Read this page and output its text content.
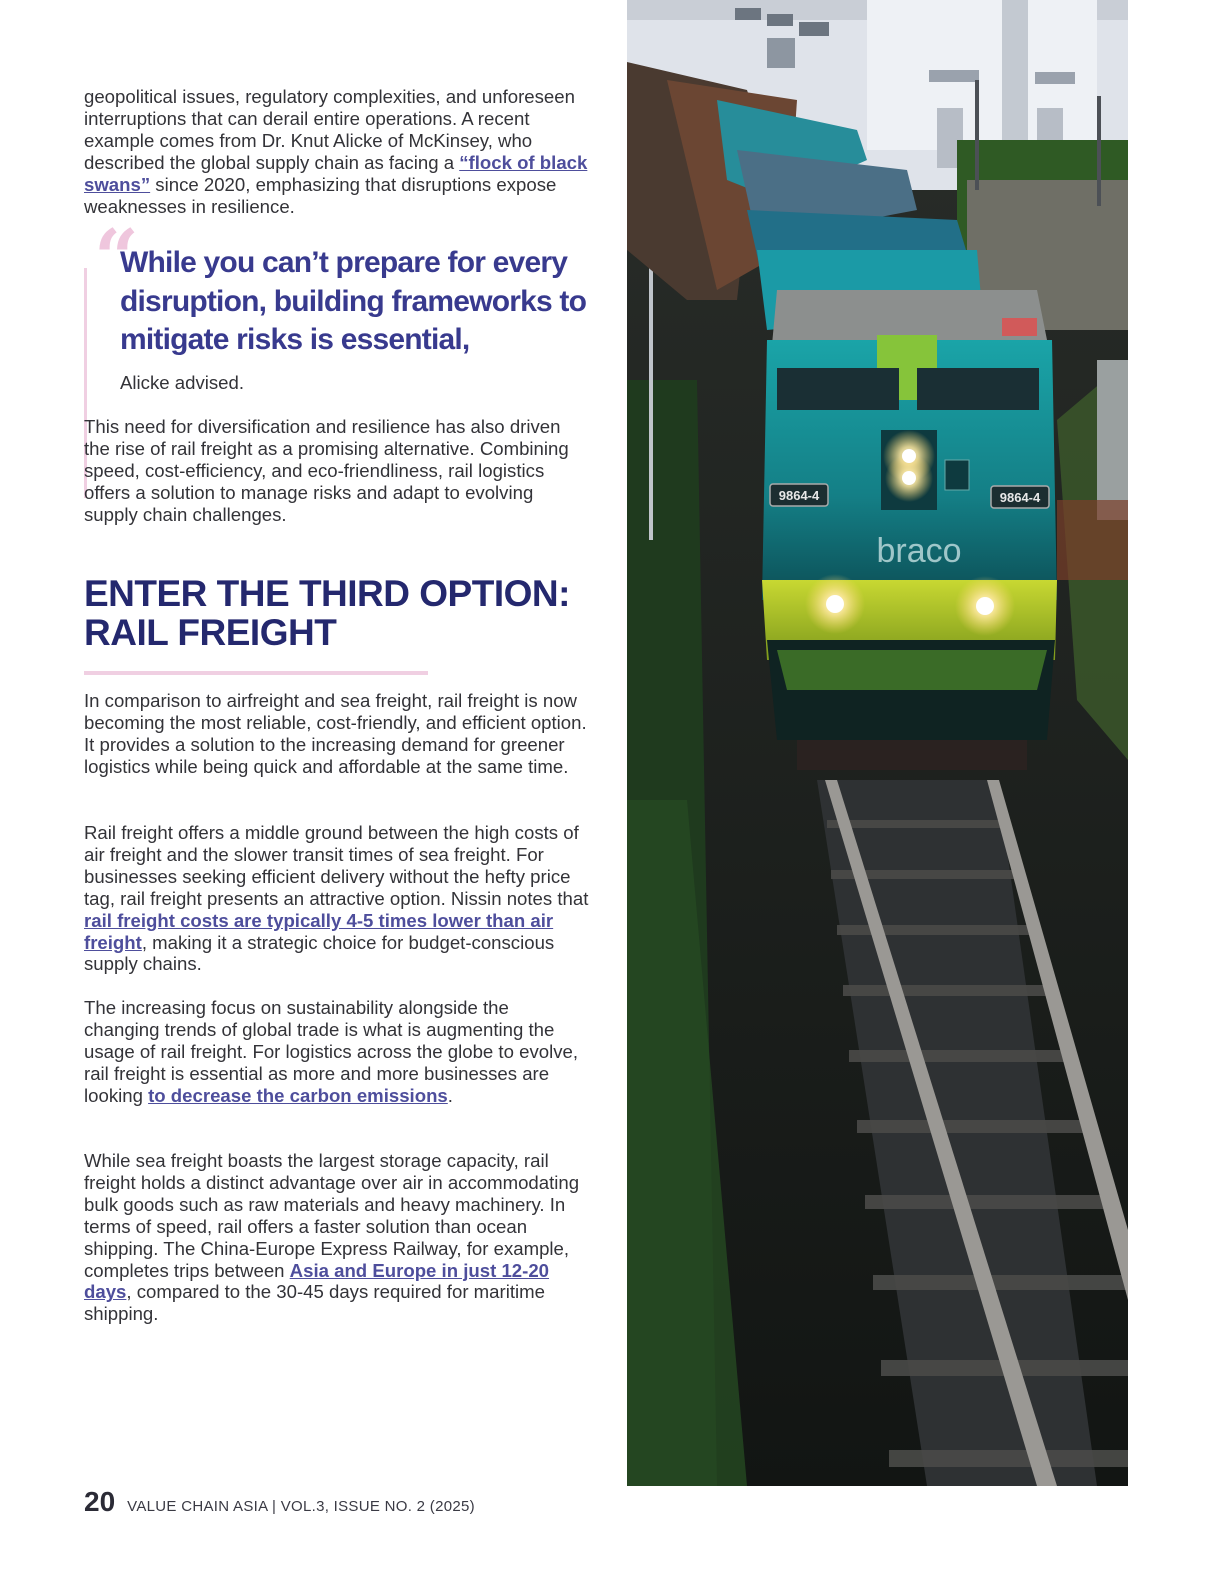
geopolitical issues, regulatory complexities, and unforeseen interruptions that can derail entire operations. A recent example comes from Dr. Knut Alicke of McKinsey, who described the global supply chain as facing a “flock of black swans” since 2020, emphasizing that disruptions expose weaknesses in resilience.

“

While you can’t prepare for every disruption, building frameworks to mitigate risks is essential,

Alicke advised.

This need for diversification and resilience has also driven the rise of rail freight as a promising alternative. Combining speed, cost-efficiency, and eco-friendliness, rail logistics offers a solution to manage risks and adapt to evolving supply chain challenges.

ENTER THE THIRD OPTION: RAIL FREIGHT

In comparison to airfreight and sea freight, rail freight is now becoming the most reliable, cost-friendly, and efficient option. It provides a solution to the increasing demand for greener logistics while being quick and affordable at the same time.

Rail freight offers a middle ground between the high costs of air freight and the slower transit times of sea freight. For businesses seeking efficient delivery without the hefty price tag, rail freight presents an attractive option. Nissin notes that rail freight costs are typically 4-5 times lower than air freight, making it a strategic choice for budget-conscious supply chains.

The increasing focus on sustainability alongside the changing trends of global trade is what is augmenting the usage of rail freight. For logistics across the globe to evolve, rail freight is essential as more and more businesses are looking to decrease the carbon emissions.

While sea freight boasts the largest storage capacity, rail freight holds a distinct advantage over air in accommodating bulk goods such as raw materials and heavy machinery. In terms of speed, rail offers a faster solution than ocean shipping. The China-Europe Express Railway, for example, completes trips between Asia and Europe in just 12-20 days, compared to the 30-45 days required for maritime shipping.

20 VALUE CHAIN ASIA | VOL.3, ISSUE NO. 2 (2025)
9864-4	9864-4
braco
